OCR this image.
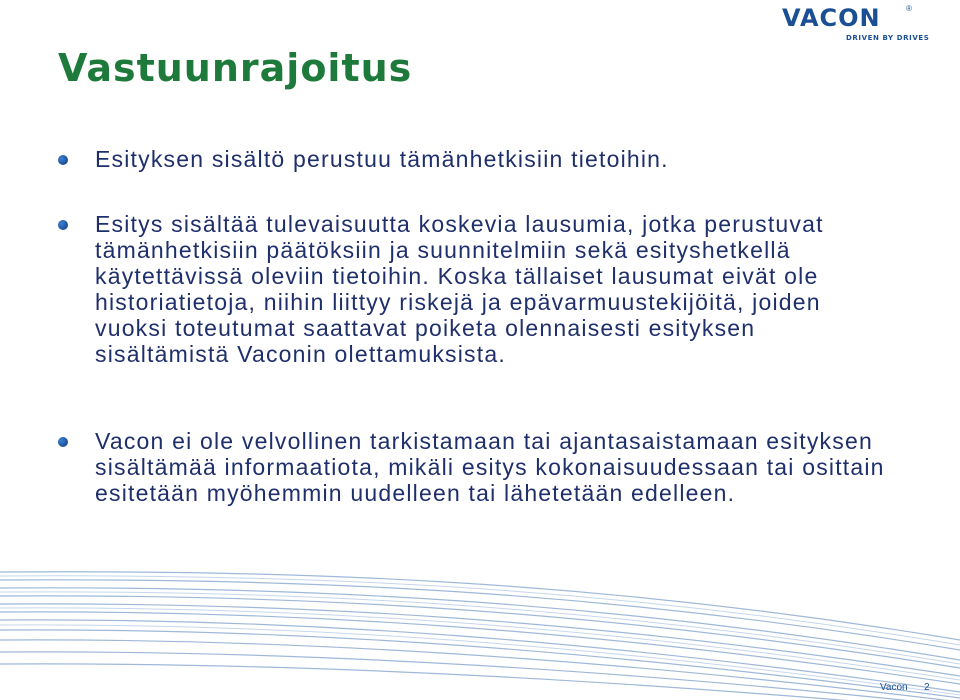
VACON	®
DRIVEN BY DRIVES
Vastuunrajoitus

Esityksen sisältö perustuu tämänhetkisiin tietoihin.

Esitys sisältää tulevaisuutta koskevia lausumia, jotka perustuvat tämänhetkisiin päätöksiin ja suunnitelmiin sekä esityshetkellä käytettävissä oleviin tietoihin. Koska tällaiset lausumat eivät ole historiatietoja, niihin liittyy riskejä ja epävarmuustekijöitä, joiden vuoksi toteutumat saattavat poiketa olennaisesti esityksen sisältämistä Vaconin olettamuksista.

Vacon ei ole velvollinen tarkistamaan tai ajantasaistamaan esityksen sisältämää informaatiota, mikäli esitys kokonaisuudessaan tai osittain esitetään myöhemmin uudelleen tai lähetetään edelleen.

Vacon 2
